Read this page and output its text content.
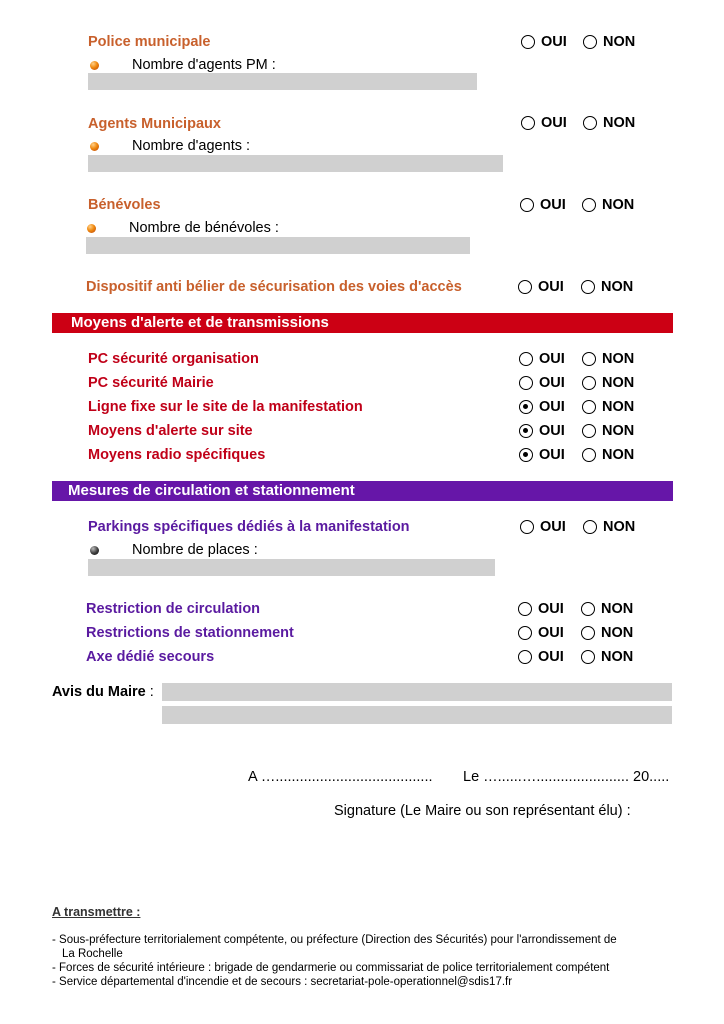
Police municipale	OUI NON
Nombre d'agents PM :
Agents Municipaux	OUI NON
Nombre d'agents :
Bénévoles	OUI NON
Nombre de bénévoles :
Dispositif anti bélier de sécurisation des voies d'accès	OUI	NON
Moyens d'alerte et de transmissions
PC sécurité organisation	OUI	NON
PC sécurité Mairie	OUI	NON
Ligne fixe sur le site de la manifestation	OUI	NON
Moyens d'alerte sur site	OUI	NON
Moyens radio spécifiques	OUI	NON
Mesures de circulation et stationnement
Parkings spécifiques dédiés à la manifestation	OUI	NON
Nombre de places :
Restriction de circulation	OUI	NON
Restrictions de stationnement	OUI	NON
Axe dédié secours	OUI	NON
Avis du Maire :
A …....................................... Le …......…....................... 20.....
Signature (Le Maire ou son représentant élu) :
A transmettre :
- Sous-préfecture territorialement compétente, ou préfecture (Direction des Sécurités) pour l'arrondissement de
La Rochelle
- Forces de sécurité intérieure : brigade de gendarmerie ou commissariat de police territorialement compétent
- Service départemental d'incendie et de secours : secretariat-pole-operationnel@sdis17.fr
